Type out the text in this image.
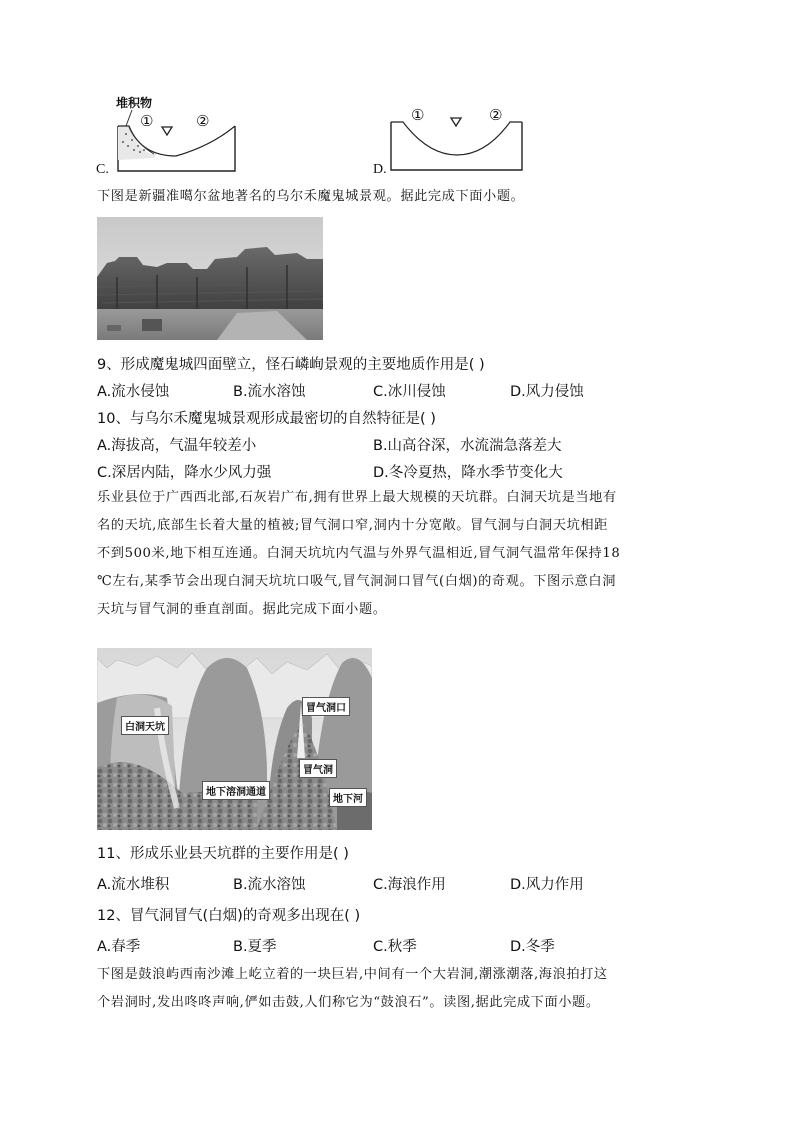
堆积物
①	②
C.
①	②
D.
下图是新疆准噶尔盆地著名的乌尔禾魔鬼城景观。据此完成下面小题。
9、形成魔鬼城四面壁立，怪石嶙峋景观的主要地质作用是( )
A.流水侵蚀	B.流水溶蚀	C.冰川侵蚀	D.风力侵蚀
10、与乌尔禾魔鬼城景观形成最密切的自然特征是( )
A.海拔高，气温年较差小	B.山高谷深，水流湍急落差大
C.深居内陆，降水少风力强	D.冬冷夏热，降水季节变化大
乐业县位于广西西北部,石灰岩广布,拥有世界上最大规模的天坑群。白洞天坑是当地有
名的天坑,底部生长着大量的植被;冒气洞口窄,洞内十分宽敞。冒气洞与白洞天坑相距
不到500米,地下相互连通。白洞天坑坑内气温与外界气温相近,冒气洞气温常年保持18
℃左右,某季节会出现白洞天坑坑口吸气,冒气洞洞口冒气(白烟)的奇观。下图示意白洞
天坑与冒气洞的垂直剖面。据此完成下面小题。
白洞天坑
冒气洞口
冒气洞
地下溶洞通道
地下河
11、形成乐业县天坑群的主要作用是( )
A.流水堆积	B.流水溶蚀	C.海浪作用	D.风力作用
12、冒气洞冒气(白烟)的奇观多出现在( )
A.春季	B.夏季	C.秋季	D.冬季
下图是鼓浪屿西南沙滩上屹立着的一块巨岩,中间有一个大岩洞,潮涨潮落,海浪拍打这
个岩洞时,发出咚咚声响,俨如击鼓,人们称它为“鼓浪石”。读图,据此完成下面小题。
